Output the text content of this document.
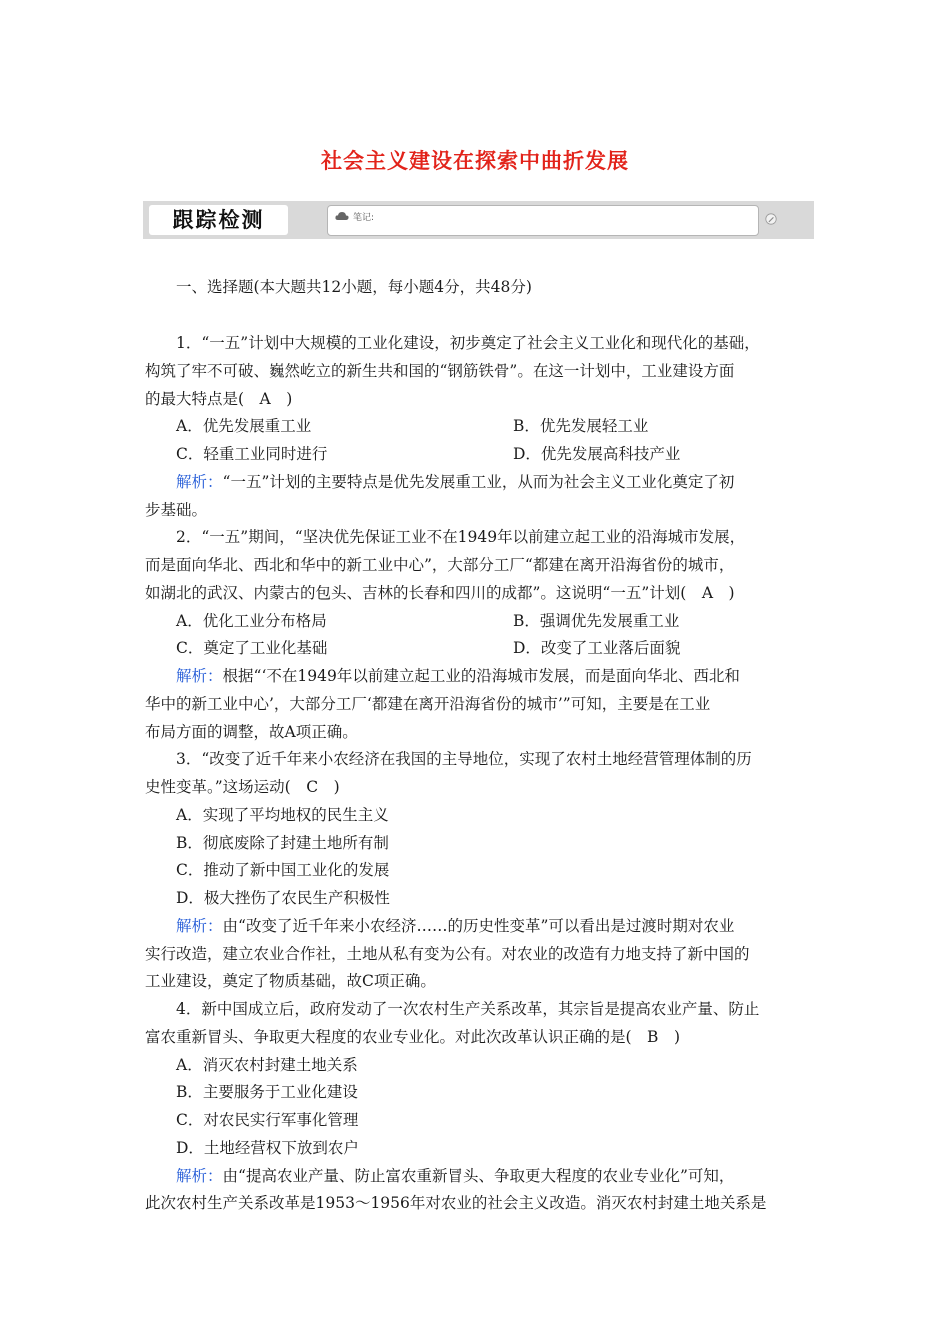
社会主义建设在探索中曲折发展
跟踪检测	笔记:
一、选择题(本大题共12小题，每小题4分，共48分)
1．“一五”计划中大规模的工业化建设，初步奠定了社会主义工业化和现代化的基础，
构筑了牢不可破、巍然屹立的新生共和国的“钢筋铁骨”。在这一计划中，工业建设方面
的最大特点是(　A　)
A．优先发展重工业	B．优先发展轻工业
C．轻重工业同时进行	D．优先发展高科技产业
解析：“一五”计划的主要特点是优先发展重工业，从而为社会主义工业化奠定了初
步基础。
2．“一五”期间，“坚决优先保证工业不在1949年以前建立起工业的沿海城市发展，
而是面向华北、西北和华中的新工业中心”，大部分工厂“都建在离开沿海省份的城市，
如湖北的武汉、内蒙古的包头、吉林的长春和四川的成都”。这说明“一五”计划(　A　)
A．优化工业分布格局	B．强调优先发展重工业
C．奠定了工业化基础	D．改变了工业落后面貌
解析：根据“‘不在1949年以前建立起工业的沿海城市发展，而是面向华北、西北和
华中的新工业中心’，大部分工厂‘都建在离开沿海省份的城市’”可知，主要是在工业
布局方面的调整，故A项正确。
3．“改变了近千年来小农经济在我国的主导地位，实现了农村土地经营管理体制的历
史性变革。”这场运动(　C　)
A．实现了平均地权的民生主义
B．彻底废除了封建土地所有制
C．推动了新中国工业化的发展
D．极大挫伤了农民生产积极性
解析：由“改变了近千年来小农经济……的历史性变革”可以看出是过渡时期对农业
实行改造，建立农业合作社，土地从私有变为公有。对农业的改造有力地支持了新中国的
工业建设，奠定了物质基础，故C项正确。
4．新中国成立后，政府发动了一次农村生产关系改革，其宗旨是提高农业产量、防止
富农重新冒头、争取更大程度的农业专业化。对此次改革认识正确的是(　B　)
A．消灭农村封建土地关系
B．主要服务于工业化建设
C．对农民实行军事化管理
D．土地经营权下放到农户
解析：由“提高农业产量、防止富农重新冒头、争取更大程度的农业专业化”可知，
此次农村生产关系改革是1953～1956年对农业的社会主义改造。消灭农村封建土地关系是
